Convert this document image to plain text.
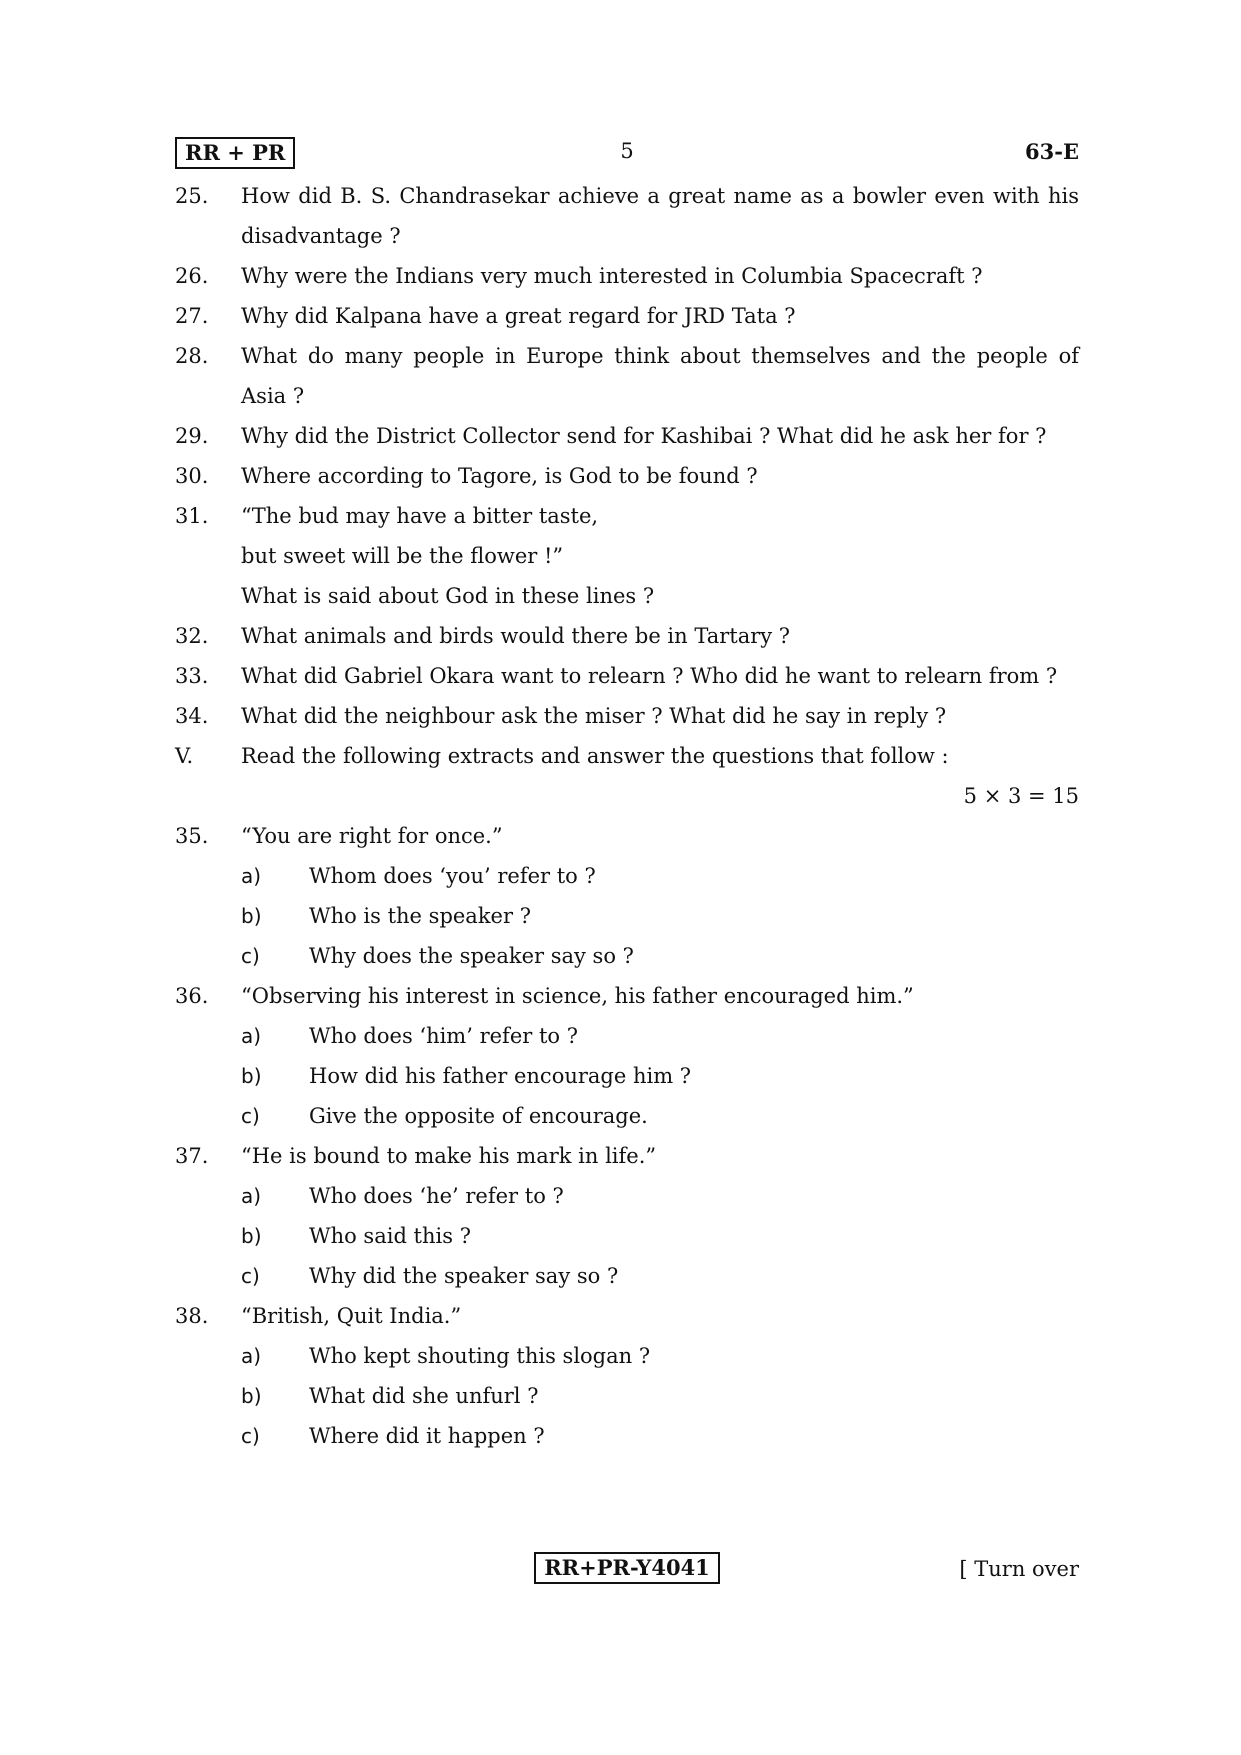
RR + PR	5	63-E
25. How did B. S. Chandrasekar achieve a great name as a bowler even with his disadvantage ?
26. Why were the Indians very much interested in Columbia Spacecraft ?
27. Why did Kalpana have a great regard for JRD Tata ?
28. What do many people in Europe think about themselves and the people of Asia ?
29. Why did the District Collector send for Kashibai ? What did he ask her for ?
30. Where according to Tagore, is God to be found ?
31. “The bud may have a bitter taste,
but sweet will be the flower !”
What is said about God in these lines ?
32. What animals and birds would there be in Tartary ?
33. What did Gabriel Okara want to relearn ? Who did he want to relearn from ?
34. What did the neighbour ask the miser ? What did he say in reply ?
V. Read the following extracts and answer the questions that follow :
5 × 3 = 15
35. “You are right for once.”
a) Whom does ‘you’ refer to ?
b) Who is the speaker ?
c) Why does the speaker say so ?
36. “Observing his interest in science, his father encouraged him.”
a) Who does ‘him’ refer to ?
b) How did his father encourage him ?
c) Give the opposite of encourage.
37. “He is bound to make his mark in life.”
a) Who does ‘he’ refer to ?
b) Who said this ?
c) Why did the speaker say so ?
38. “British, Quit India.”
a) Who kept shouting this slogan ?
b) What did she unfurl ?
c) Where did it happen ?
RR+PR-Y4041	[ Turn over
